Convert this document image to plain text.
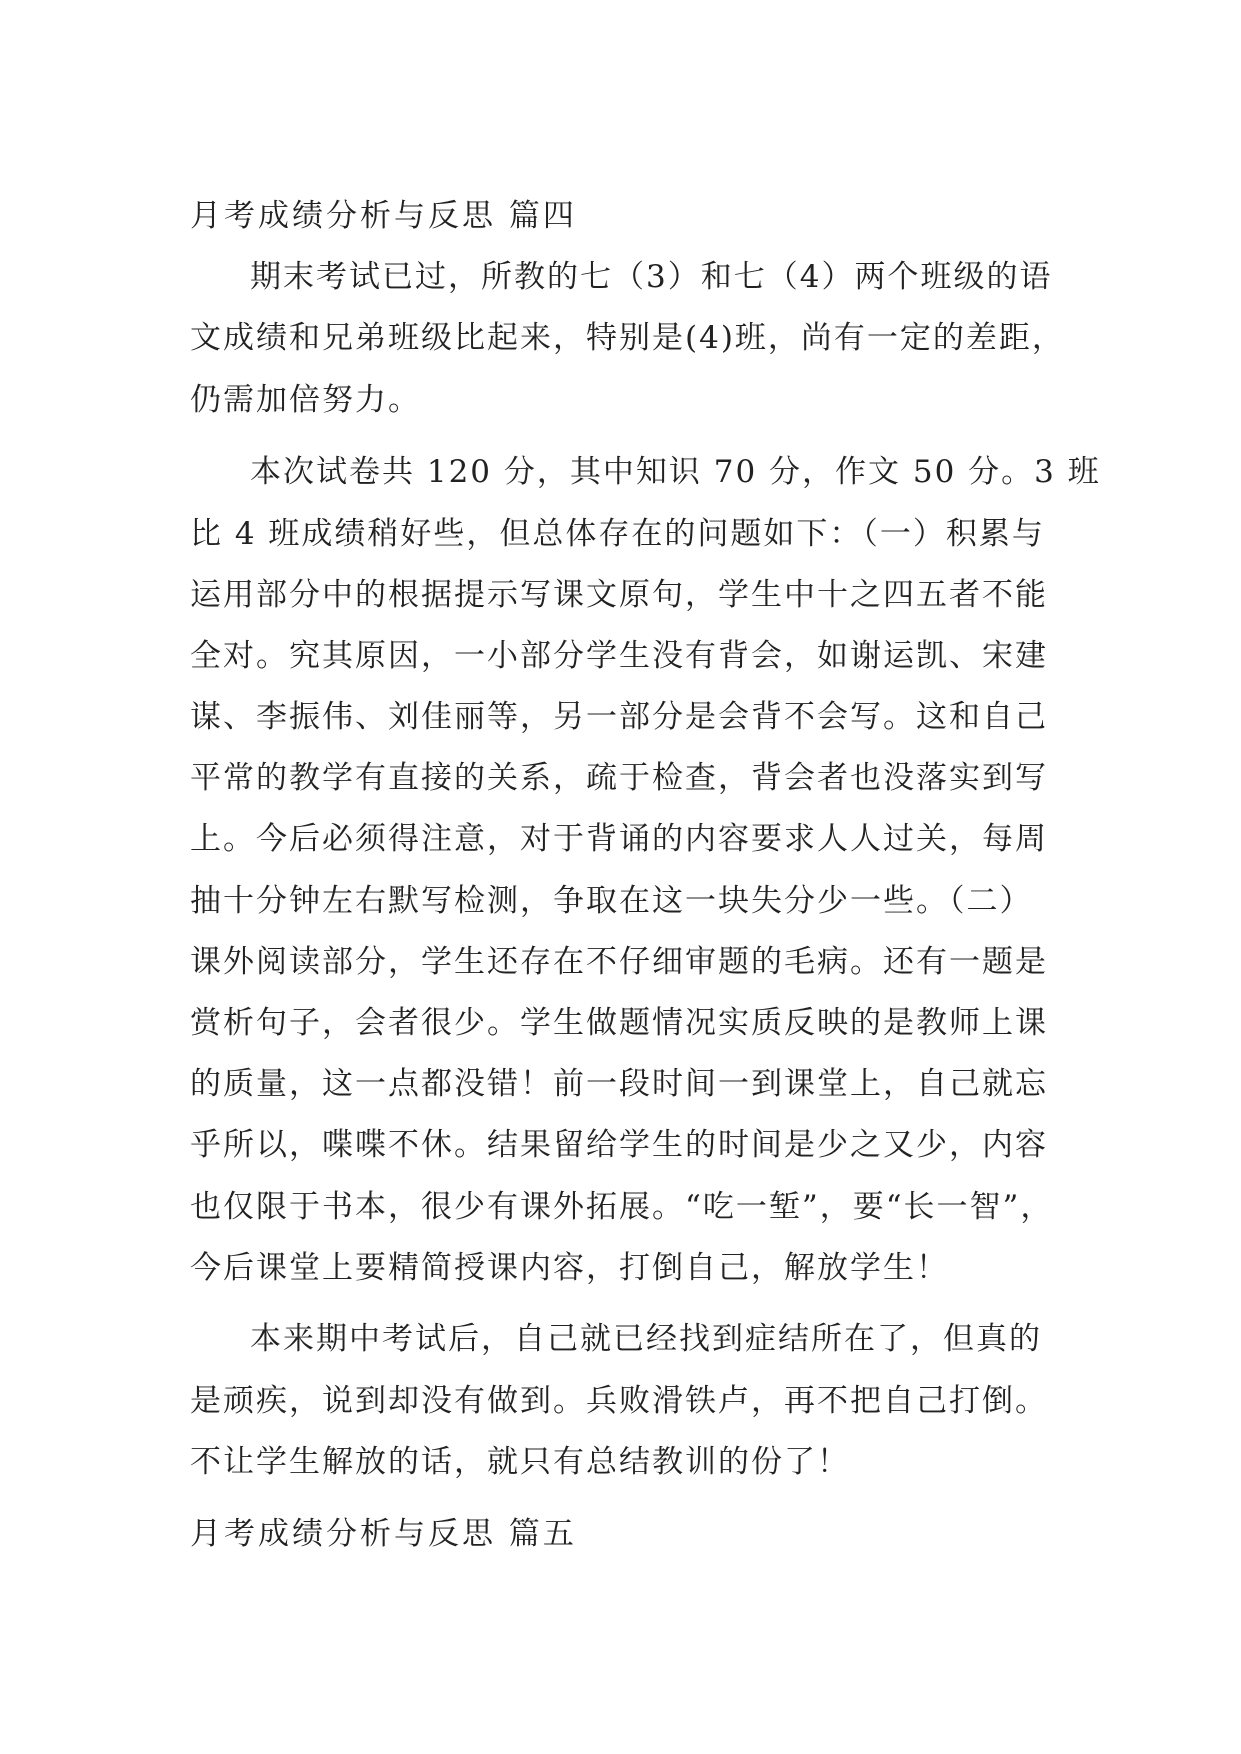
月考成绩分析与反思 篇四
期末考试已过，所教的七（3）和七（4）两个班级的语
文成绩和兄弟班级比起来，特别是(4)班，尚有一定的差距，
仍需加倍努力。
本次试卷共 120 分，其中知识 70 分，作文 50 分。3 班
比 4 班成绩稍好些，但总体存在的问题如下：（一）积累与
运用部分中的根据提示写课文原句，学生中十之四五者不能
全对。究其原因，一小部分学生没有背会，如谢运凯、宋建
谋、李振伟、刘佳丽等，另一部分是会背不会写。这和自己
平常的教学有直接的关系，疏于检查，背会者也没落实到写
上。今后必须得注意，对于背诵的内容要求人人过关，每周
抽十分钟左右默写检测，争取在这一块失分少一些。（二）
课外阅读部分，学生还存在不仔细审题的毛病。还有一题是
赏析句子，会者很少。学生做题情况实质反映的是教师上课
的质量，这一点都没错！前一段时间一到课堂上，自己就忘
乎所以，喋喋不休。结果留给学生的时间是少之又少，内容
也仅限于书本，很少有课外拓展。“吃一堑”，要“长一智”，
今后课堂上要精简授课内容，打倒自己，解放学生！
本来期中考试后，自己就已经找到症结所在了，但真的
是顽疾，说到却没有做到。兵败滑铁卢，再不把自己打倒。
不让学生解放的话，就只有总结教训的份了！
月考成绩分析与反思 篇五
